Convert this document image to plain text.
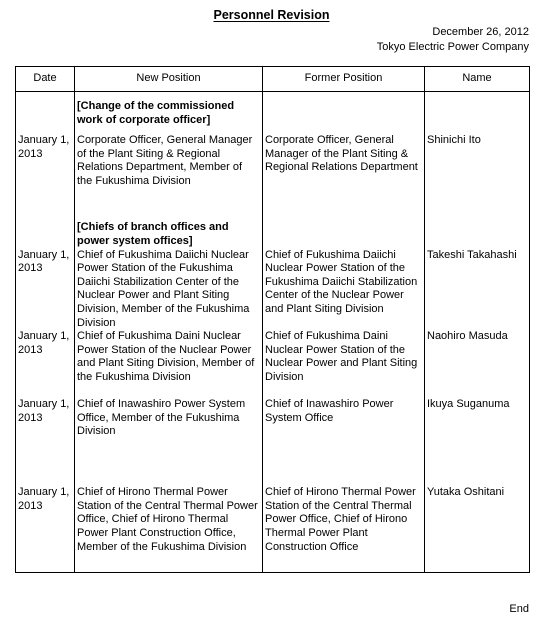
Personnel Revision
December 26, 2012
Tokyo Electric Power Company
Date	New Position	Former Position	Name

	[Change of the commissioned work of corporate officer]		

January 1, 2013	Corporate Officer, General Manager of the Plant Siting & Regional Relations Department, Member of the Fukushima Division	Corporate Officer, General Manager of the Plant Siting & Regional Relations Department	Shinichi Ito

	[Chiefs of branch offices and power system offices]		

January 1, 2013	Chief of Fukushima Daiichi Nuclear Power Station of the Fukushima Daiichi Stabilization Center of the Nuclear Power and Plant Siting Division, Member of the Fukushima Division	Chief of Fukushima Daiichi Nuclear Power Station of the Fukushima Daiichi Stabilization Center of the Nuclear Power and Plant Siting Division	Takeshi Takahashi
January 1, 2013	Chief of Fukushima Daini Nuclear Power Station of the Nuclear Power and Plant Siting Division, Member of the Fukushima Division	Chief of Fukushima Daini Nuclear Power Station of the Nuclear Power and Plant Siting Division	Naohiro Masuda
January 1, 2013	Chief of Inawashiro Power System Office, Member of the Fukushima Division	Chief of Inawashiro Power System Office	Ikuya Suganuma
January 1, 2013	Chief of Hirono Thermal Power Station of the Central Thermal Power Office, Chief of Hirono Thermal Power Plant Construction Office, Member of the Fukushima Division	Chief of Hirono Thermal Power Station of the Central Thermal Power Office, Chief of Hirono Thermal Power Plant Construction Office	Yutaka Oshitani
End
